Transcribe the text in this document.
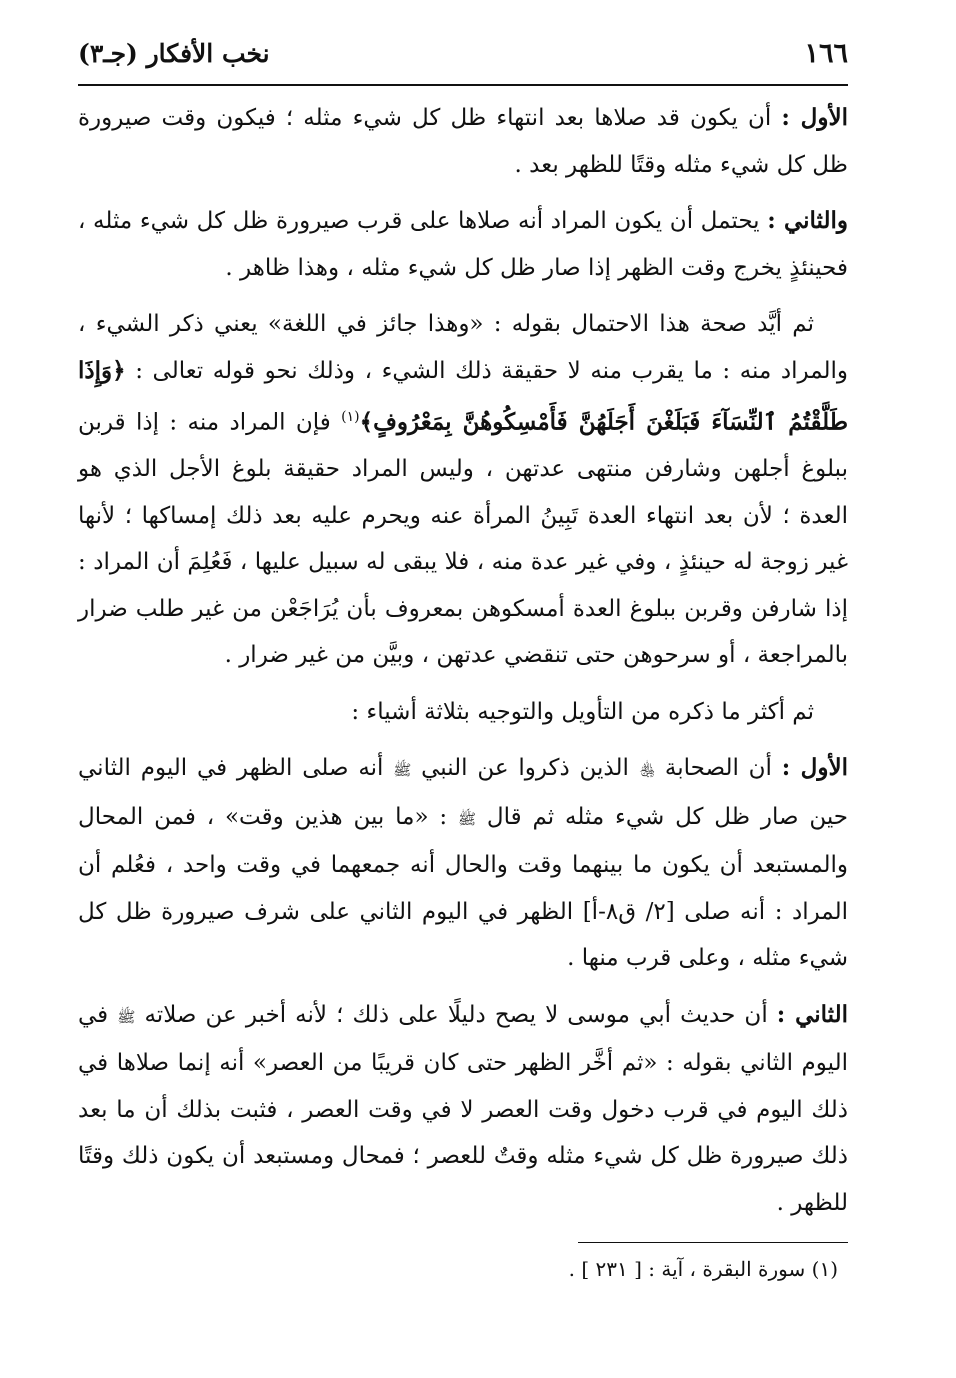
نخب الأفكار (جـ٣)	١٦٦

الأول : أن يكون قد صلاها بعد انتهاء ظل كل شيء مثله ؛ فيكون وقت صيرورة ظل كل شيء مثله وقتًا للظهر بعد .

والثاني : يحتمل أن يكون المراد أنه صلاها على قرب صيرورة ظل كل شيء مثله ، فحينئذٍ يخرج وقت الظهر إذا صار ظل كل شيء مثله ، وهذا ظاهر .

ثم أيَّد صحة هذا الاحتمال بقوله : «وهذا جائز في اللغة» يعني ذكر الشيء ، والمراد منه : ما يقرب منه لا حقيقة ذلك الشيء ، وذلك نحو قوله تعالى : ﴿وَإِذَا طَلَّقْتُمُ ٱلنِّسَآءَ فَبَلَغْنَ أَجَلَهُنَّ فَأَمْسِكُوهُنَّ بِمَعْرُوفٍ﴾$^{(١)}$ فإن المراد منه : إذا قربن ببلوغ أجلهن وشارفن منتهى عدتهن ، وليس المراد حقيقة بلوغ الأجل الذي هو العدة ؛ لأن بعد انتهاء العدة تَبِينُ المرأة عنه ويحرم عليه بعد ذلك إمساكها ؛ لأنها غير زوجة له حينئذٍ ، وفي غير عدة منه ، فلا يبقى له سبيل عليها ، فَعُلِمَ أن المراد : إذا شارفن وقربن ببلوغ العدة أمسكوهن بمعروف بأن يُرَاجَعْن من غير طلب ضرار بالمراجعة ، أو سرحوهن حتى تنقضي عدتهن ، وبيَّن من غير ضرار .

ثم أكثر ما ذكره من التأويل والتوجيه بثلاثة أشياء :

الأول : أن الصحابة ﵃ الذين ذكروا عن النبي ﷺ أنه صلى الظهر في اليوم الثاني حين صار ظل كل شيء مثله ثم قال ﷺ : «ما بين هذين وقت» ، فمن المحال والمستبعد أن يكون ما بينهما وقت والحال أنه جمعهما في وقت واحد ، فعُلم أن المراد : أنه صلى [٢/ ق٨-أ] الظهر في اليوم الثاني على شرف صيرورة ظل كل شيء مثله ، وعلى قرب منها .

الثاني : أن حديث أبي موسى لا يصح دليلًا على ذلك ؛ لأنه أخبر عن صلاته ﷺ في اليوم الثاني بقوله : «ثم أخَّر الظهر حتى كان قريبًا من العصر» أنه إنما صلاها في ذلك اليوم في قرب دخول وقت العصر لا في وقت العصر ، فثبت بذلك أن ما بعد ذلك صيرورة ظل كل شيء مثله وقتٌ للعصر ؛ فمحال ومستبعد أن يكون ذلك وقتًا للظهر .

(١) سورة البقرة ، آية : [ ٢٣١ ] .
